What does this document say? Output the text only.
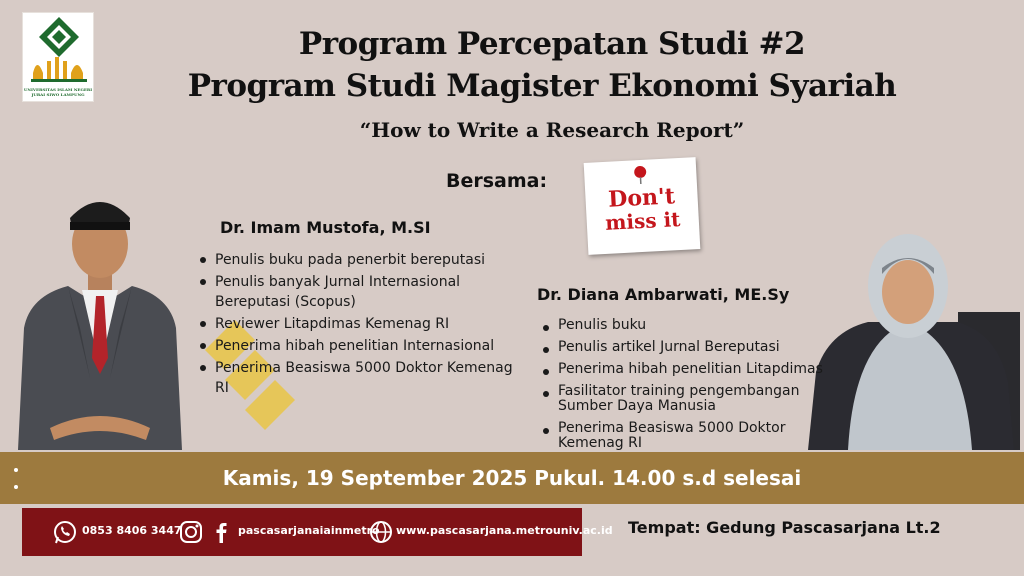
UNIVERSITAS ISLAM NEGERI
JURAI SIWO LAMPUNG
Program Percepatan Studi #2
Program Studi Magister Ekonomi Syariah
“How to Write a Research Report”
Bersama:
Don't
miss it
Dr. Imam Mustofa, M.SI
Penulis buku pada penerbit bereputasi
Penulis banyak Jurnal Internasional Bereputasi (Scopus)
Reviewer Litapdimas Kemenag RI
Penerima hibah penelitian Internasional
Penerima Beasiswa 5000 Doktor Kemenag RI
Dr. Diana Ambarwati, ME.Sy
Penulis buku
Penulis artikel Jurnal Bereputasi
Penerima hibah penelitian Litapdimas
Fasilitator training pengembangan Sumber Daya Manusia
Penerima Beasiswa 5000 Doktor Kemenag RI
Kamis, 19 September 2025 Pukul. 14.00 s.d selesai
0853 8406 3447	pascasarjanaiainmetro www.pascasarjana.metrouniv.ac.id Tempat: Gedung Pascasarjana Lt.2
